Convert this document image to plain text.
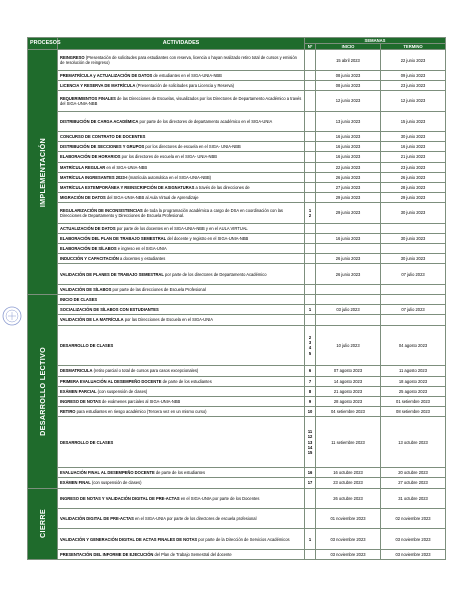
PROCESOS	ACTIVIDADES	SEMANAS		
		Nº	INICIO	TERMINO

IMPLEMENTACIÓN	REINGRESO (Presentación de solicitudes para estudiantes con reserva, licencia o hayan realizado retiro total de cursos y emisión de resolución de reingreso)		15 abril 2023	22 junio 2023
	PREMATRÍCULA y ACTUALIZACIÓN DE DATOS de estudiantes en el SIGA-UNIA-NBB		08 junio 2023	09 junio 2023
	LICENCIA Y RESERVA DE MATRÍCULA (Presentación de solicitudes para Licencia y Reserva)		08 junio 2023	23 junio 2023
	REQUERIMIENTOS FINALES de las Direcciones de Escuelas, visualizados por los Directores de Departamento Académico a través del SIGA-UNIA-NBB		12 junio 2023	12 junio 2023
	DISTRIBUCIÓN DE CARGA ACADÉMICA por parte de los directores de departamento académico en el SIGA-UNIA		13 junio 2023	15 junio 2023
	CONCURSO DE CONTRATO DE DOCENTES		16 junio 2023	30 junio 2023
	DISTRIBUCIÓN DE SECCIONES Y GRUPOS por los directores de escuela en el SIGA- UNIA-NBB		16 junio 2023	16 junio 2023
	ELABORACIÓN DE HORARIOS por los directores de escuela en el SIGA- UNIA-NBB		16 junio 2023	21 junio 2023
	MATRÍCULA REGULAR en el SIGA-UNIA-NBB		22 junio 2023	23 junio 2023
	MATRÍCULA INGRESANTES 2023-I (matrícula automática en el SIGA-UNIA-NBB)		26 junio 2023	26 junio 2023
	MATRÍCULA EXTEMPORÁNEA Y REINSCRIPCIÓN DE ASIGNATURAS a través de las direcciones de		27 junio 2023	28 junio 2023
	MIGRACIÓN DE DATOS del SIGA-UNIA-NBB al Aula Virtual de Aprendizaje		29 junio 2023	29 junio 2023
	REGULARIZACIÓN DE INCONSISTENCIAS de toda la programación académica a cargo de DSA en coordinación con las Direcciones de Departamento y Direcciones de Escuela Profesional.	1
2	29 junio 2023	30 junio 2023
	ACTUALIZACIÓN DE DATOS por parte de los docentes en el SIGA-UNIA-NBB y en el AULA VIRTUAL			
	ELABORACIÓN DEL PLAN DE TRABAJO SEMESTRAL del docente y registro en el SIGA-UNIA-NBB		16 junio 2023	30 junio 2023
	ELABORACIÓN DE SÍLABOS e ingreso en el SIGA-UNIA			
	INDUCCIÓN Y CAPACITACIÓN a docentes y estudiantes		26 junio 2023	30 junio 2023
	VALIDACIÓN DE PLANES DE TRABAJO SEMESTRAL por parte de los directores de Departamento Académico		26 junio 2023	07 julio 2023
	VALIDACIÓN DE SÍLABOS por parte de las direcciones de Escuela Profesional			

DESARROLLO LECTIVO	INICIO DE CLASES			
	SOCIALIZACIÓN DE SÍLABOS CON ESTUDIANTES	1	03 julio 2023	07 julio 2023
	VALIDACIÓN DE LA MATRÍCULA por las Direcciones de Escuela en el SIGA-UNIA			
	DESARROLLO DE CLASES	2
3
4
5	10 julio 2023	04 agosto 2023
	DESMATRICULA (retiro parcial o total de cursos para casos excepcionales)	6	07 agosto 2023	11 agosto 2023
	PRIMERA EVALUACIÓN AL DESEMPEÑO DOCENTE de parte de los estudiantes	7	14 agosto 2023	18 agosto 2023
	EXÁMEN PARCIAL (con suspensión de clases)	8	21 agosto 2023	25 agosto 2023
	INGRESO DE NOTAS de exámenes parciales al SIGA-UNIA-NBB	9	28 agosto 2023	01 setiembre 2023
	RETIRO para estudiantes en riesgo académico (Tercera vez en un mismo curso)	10	04 setiembre 2023	08 setiembre 2023
	DESARROLLO DE CLASES	11
12
13
14
15	11 setiembre 2023	13 octubre 2023
	EVALUACIÓN FINAL AL DESEMPEÑO DOCENTE de parte de los estudiantes	16	16 octubre 2023	20 octubre 2023
	EXÁMEN FINAL (con suspensión de clases)	17	23 octubre 2023	27 octubre 2023

CIERRE	INGRESO DE NOTAS Y VALIDACIÓN DIGITAL DE PRE-ACTAS en el SIGA-UNIA por parte de los Docentes		26 octubre 2023	31 octubre 2023
	VALIDACIÓN DIGITAL DE PRE-ACTAS en el SIGA-UNIA por parte de los directores de escuela profesional		01 noviembre 2023	02 noviembre 2023
	VALIDACIÓN Y GENERACIÓN DIGITAL DE ACTAS FINALES DE NOTAS por parte de la Dirección de Servicios Académicos	1	03 noviembre 2023	03 noviembre 2023
	PRESENTACIÓN DEL INFORME DE EJECUCIÓN del Plan de Trabajo Semestral del docente		03 noviembre 2023	03 noviembre 2023
